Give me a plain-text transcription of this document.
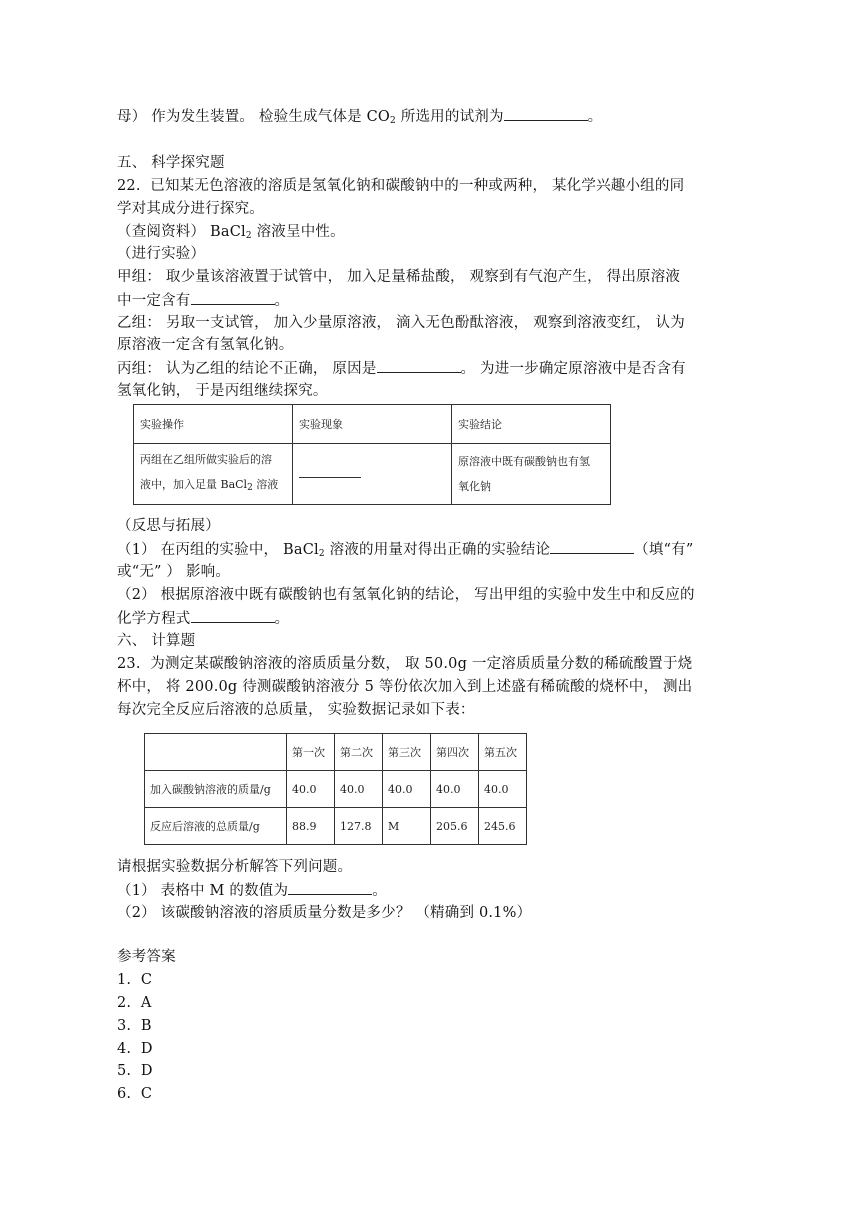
母） 作为发生装置。 检验生成气体是 $CO_2$ 所选用的试剂为	。
五、 科学探究题
22.  已知某无色溶液的溶质是氢氧化钠和碳酸钠中的一种或两种， 某化学兴趣小组的同
学对其成分进行探究。
（查阅资料） BaCl$_2$ 溶液呈中性。
（进行实验）
甲组： 取少量该溶液置于试管中， 加入足量稀盐酸， 观察到有气泡产生， 得出原溶液
中一定含有	。
乙组： 另取一支试管， 加入少量原溶液， 滴入无色酚酞溶液， 观察到溶液变红， 认为
原溶液一定含有氢氧化钠。
丙组： 认为乙组的结论不正确， 原因是	。 为进一步确定原溶液中是否含有
氢氧化钠， 于是丙组继续探究。
实验操作	实验现象	实验结论
丙组在乙组所做实验后的溶
液中，加入足量 BaCl$_2$ 溶液		原溶液中既有碳酸钠也有氢
氧化钠
（反思与拓展）
（1） 在丙组的实验中， BaCl$_2$ 溶液的用量对得出正确的实验结论	（填“有”
或“无” ） 影响。
（2） 根据原溶液中既有碳酸钠也有氢氧化钠的结论， 写出甲组的实验中发生中和反应的
化学方程式	。
六、 计算题
23.  为测定某碳酸钠溶液的溶质质量分数， 取 50.0g 一定溶质质量分数的稀硫酸置于烧
杯中， 将 200.0g 待测碳酸钠溶液分 5 等份依次加入到上述盛有稀硫酸的烧杯中， 测出
每次完全反应后溶液的总质量， 实验数据记录如下表：
	第一次	第二次	第三次	第四次	第五次
加入碳酸钠溶液的质量/g	40.0	40.0	40.0	40.0	40.0
反应后溶液的总质量/g	88.9	127.8	M	205.6	245.6
请根据实验数据分析解答下列问题。
（1） 表格中 M 的数值为	。
（2） 该碳酸钠溶液的溶质质量分数是多少？ （精确到 0.1%）
参考答案
1.  C
2.  A
3.  B
4.  D
5.  D
6.  C
